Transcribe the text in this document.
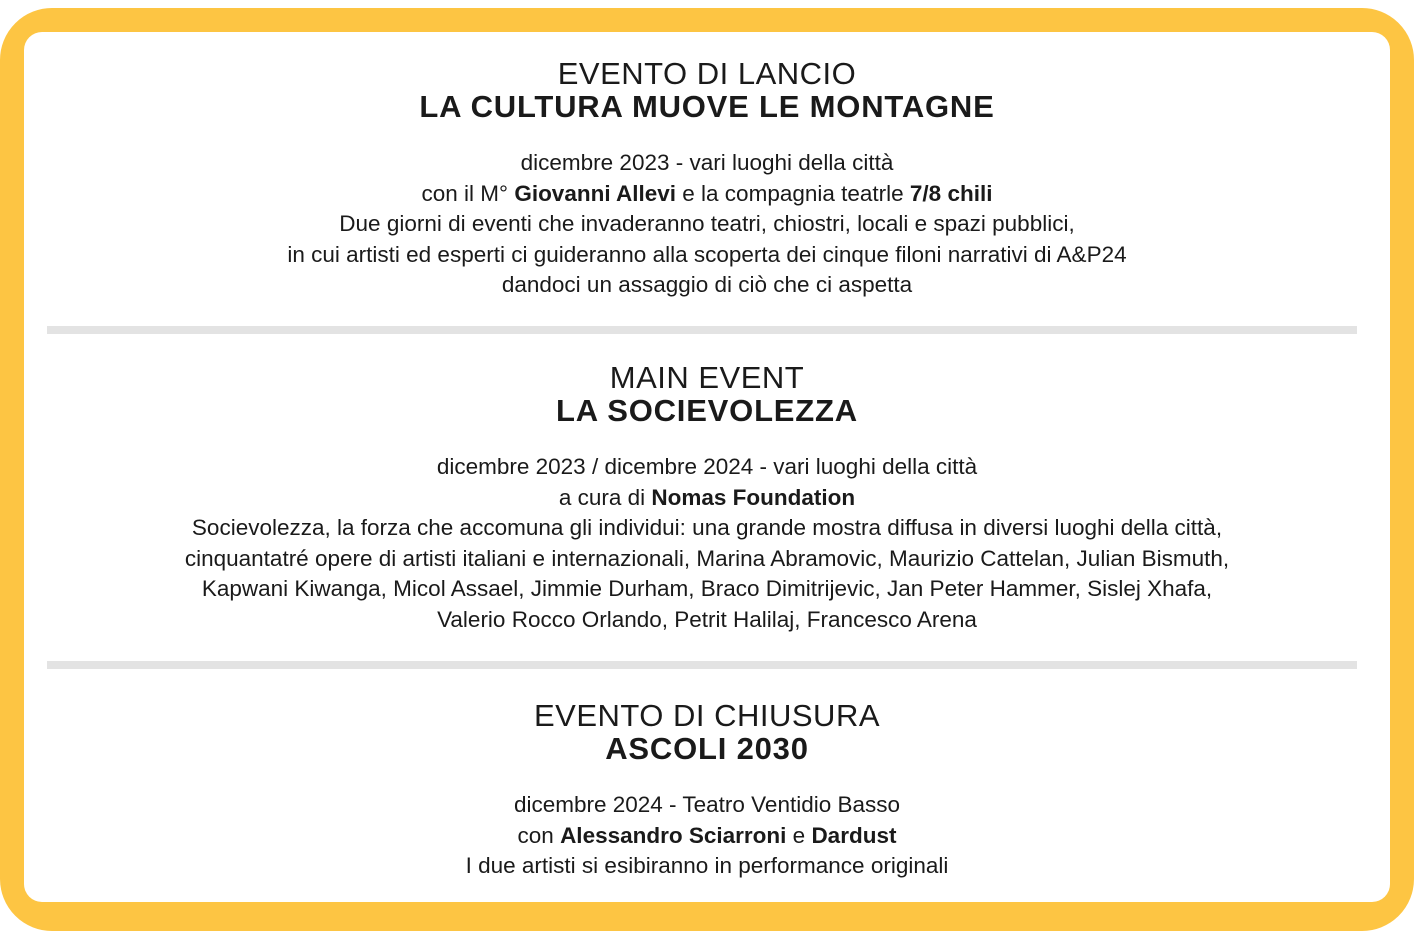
EVENTO DI LANCIO
LA CULTURA MUOVE LE MONTAGNE
dicembre 2023 - vari luoghi della città
con il M° Giovanni Allevi e la compagnia teatrle 7/8 chili
Due giorni di eventi che invaderanno teatri, chiostri, locali e spazi pubblici,
in cui artisti ed esperti ci guideranno alla scoperta dei cinque filoni narrativi di A&P24
dandoci un assaggio di ciò che ci aspetta
MAIN EVENT
LA SOCIEVOLEZZA
dicembre 2023 / dicembre 2024 - vari luoghi della città
a cura di Nomas Foundation
Socievolezza, la forza che accomuna gli individui: una grande mostra diffusa in diversi luoghi della città,
cinquantatré opere di artisti italiani e internazionali, Marina Abramovic, Maurizio Cattelan, Julian Bismuth,
Kapwani Kiwanga, Micol Assael, Jimmie Durham, Braco Dimitrijevic, Jan Peter Hammer, Sislej Xhafa,
Valerio Rocco Orlando, Petrit Halilaj, Francesco Arena
EVENTO DI CHIUSURA
ASCOLI 2030
dicembre 2024 - Teatro Ventidio Basso
con Alessandro Sciarroni e Dardust
I due artisti si esibiranno in performance originali
